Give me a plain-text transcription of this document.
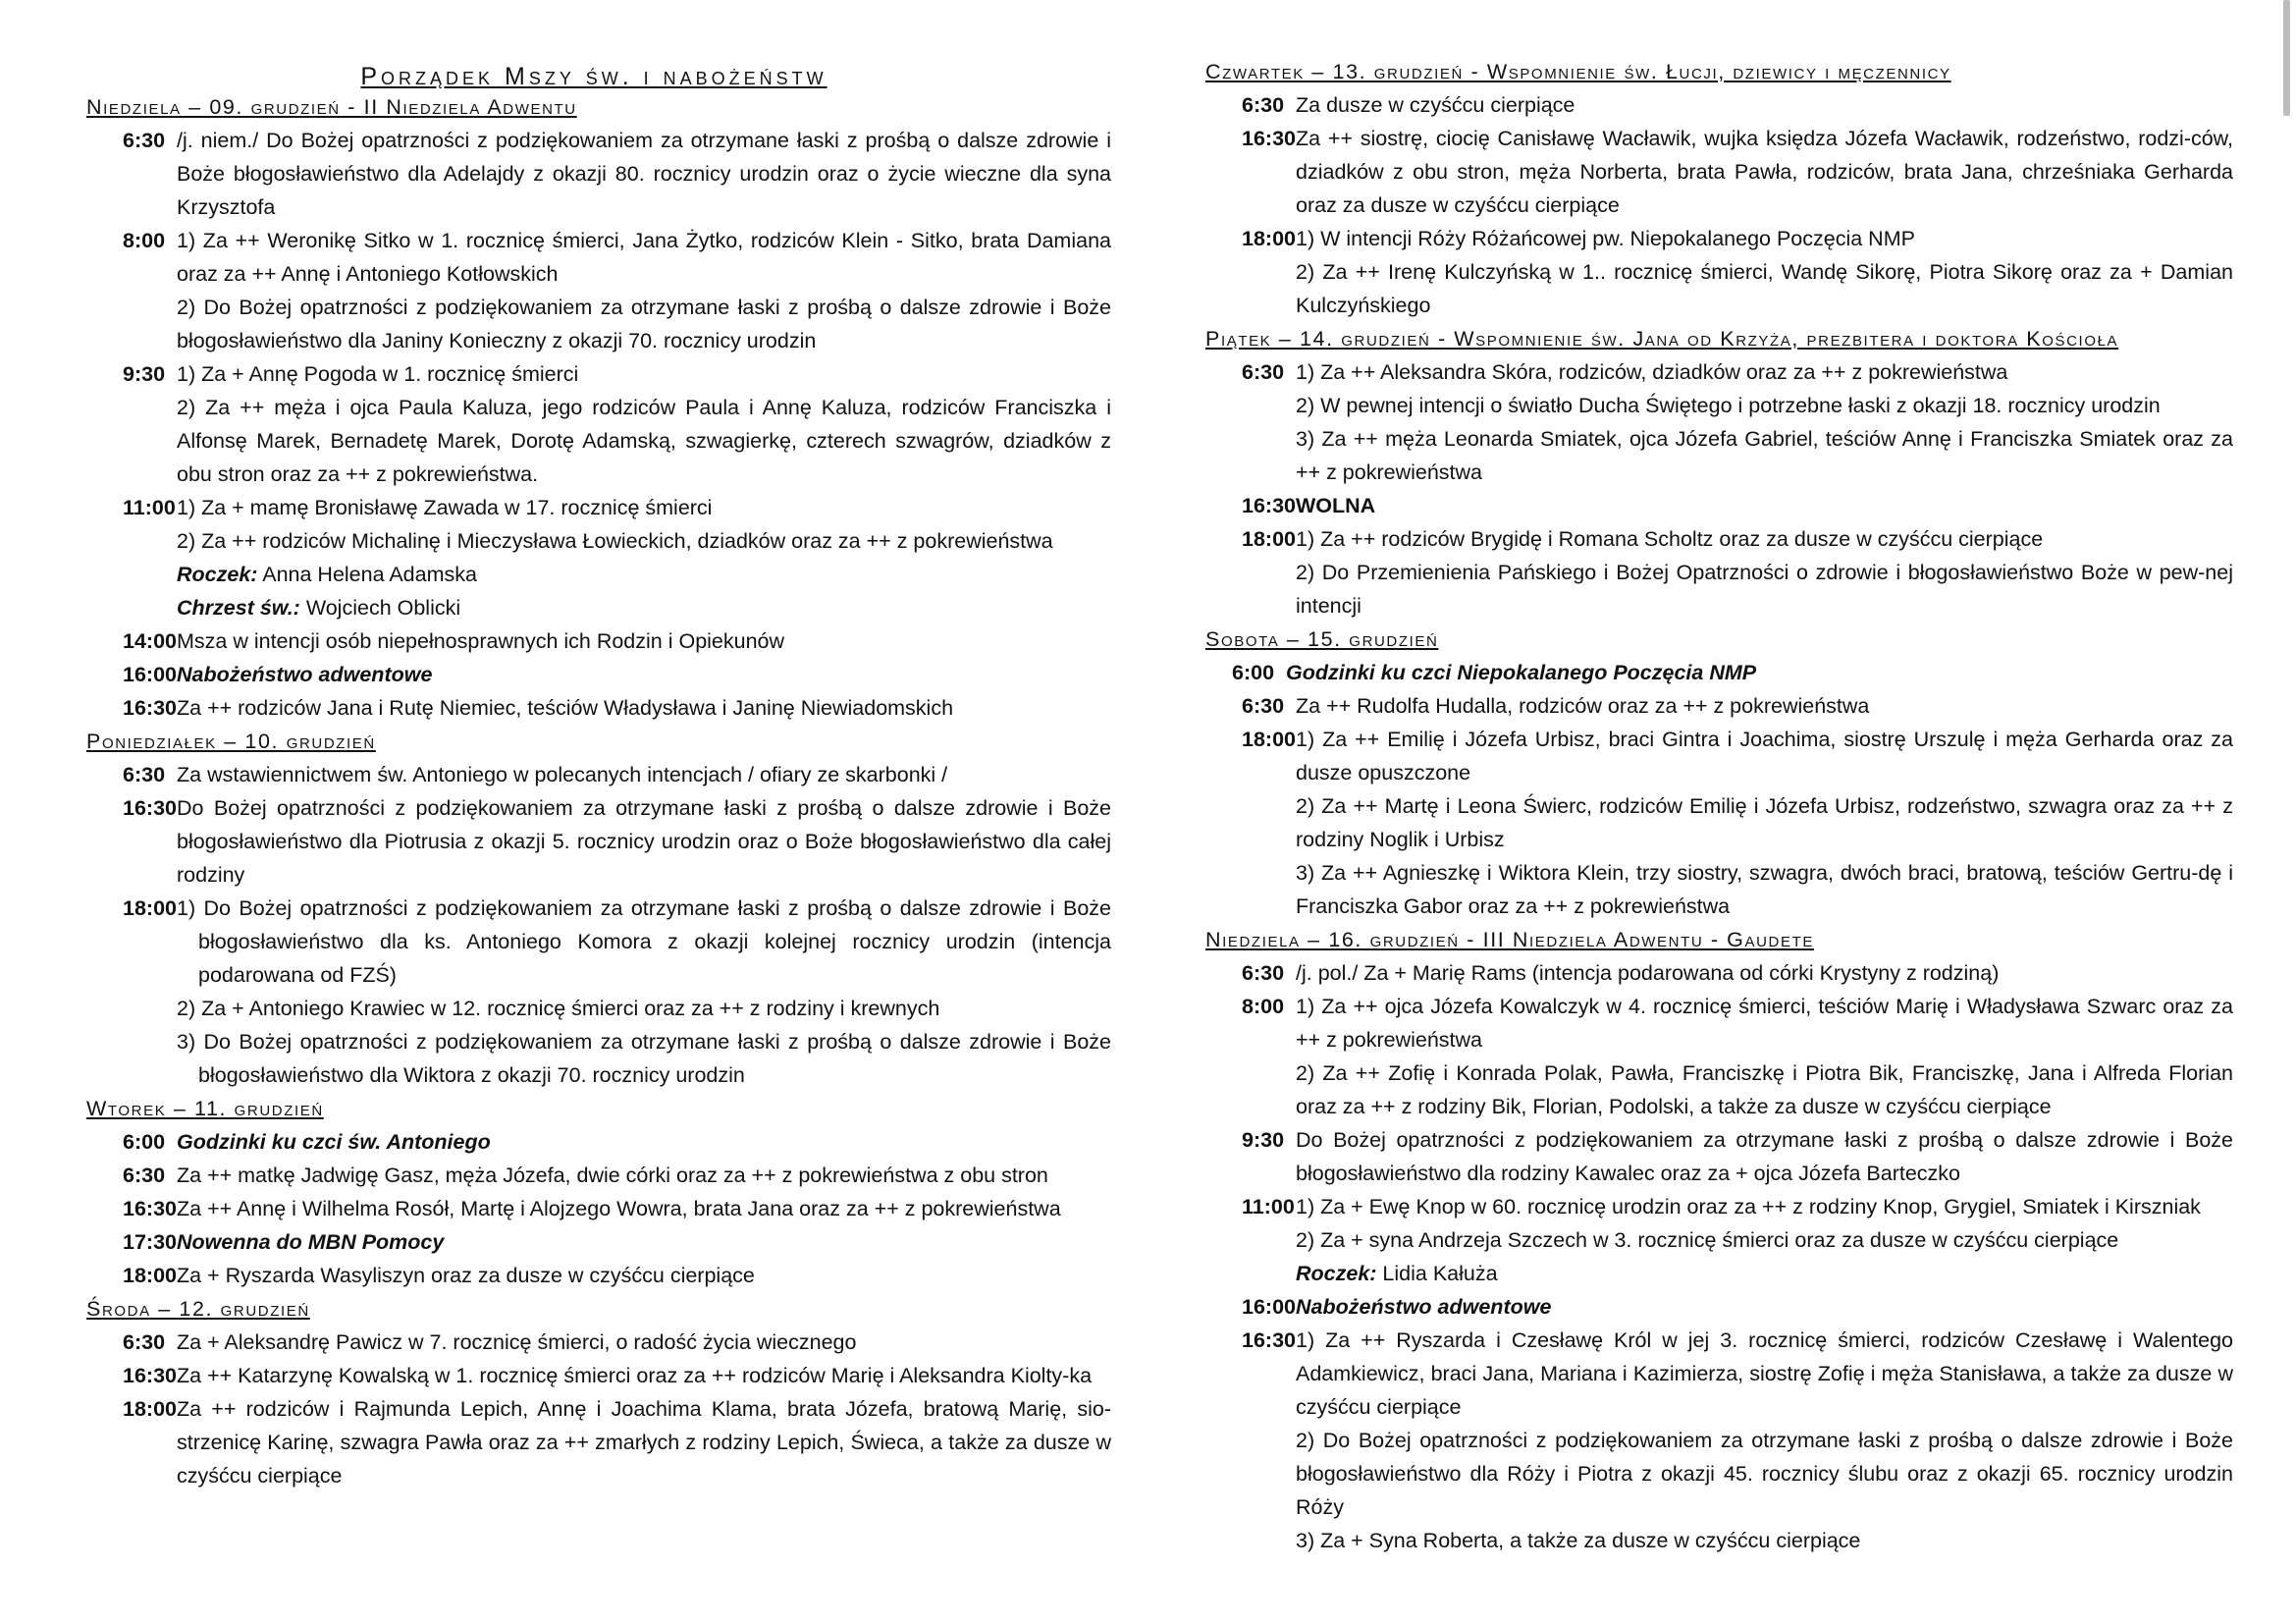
Porządek Mszy św. i nabożeństw
Niedziela – 09. grudzień - II Niedziela Adwentu
6:30 /j. niem./ Do Bożej opatrzności z podziękowaniem za otrzymane łaski z prośbą o dalsze zdrowie i Boże błogosławieństwo dla Adelajdy z okazji 80. rocznicy urodzin oraz o życie wieczne dla syna Krzysztofa
8:00 1) Za ++ Weronikę Sitko w 1. rocznicę śmierci, Jana Żytko, rodziców Klein - Sitko, brata Damiana oraz za ++ Annę i Antoniego Kotłowskich
2) Do Bożej opatrzności z podziękowaniem za otrzymane łaski z prośbą o dalsze zdrowie i Boże błogosławieństwo dla Janiny Konieczny z okazji 70. rocznicy urodzin
9:30 1) Za + Annę Pogoda w 1. rocznicę śmierci
2) Za ++ męża i ojca Paula Kaluza, jego rodziców Paula i Annę Kaluza, rodziców Franciszka i Alfonsę Marek, Bernadetę Marek, Dorotę Adamską, szwagierkę, czterech szwagrów, dziadków z obu stron oraz za ++ z pokrewieństwa.
11:00 1) Za + mamę Bronisławę Zawada w 17. rocznicę śmierci
2) Za ++ rodziców Michalinę i Mieczysława Łowieckich, dziadków oraz za ++ z pokrewieństwa
Roczek: Anna Helena Adamska
Chrzest św.: Wojciech Oblicki
14:00 Msza w intencji osób niepełnosprawnych ich Rodzin i Opiekunów
16:00 Nabożeństwo adwentowe
16:30 Za ++ rodziców Jana i Rutę Niemiec, teściów Władysława i Janinę Niewiadomskich
Poniedziałek – 10. grudzień
6:30 Za wstawiennictwem św. Antoniego w polecanych intencjach / ofiary ze skarbonki /
16:30 Do Bożej opatrzności z podziękowaniem za otrzymane łaski z prośbą o dalsze zdrowie i Boże błogosławieństwo dla Piotrusia z okazji 5. rocznicy urodzin oraz o Boże błogosławieństwo dla całej rodziny
18:00 1) Do Bożej opatrzności z podziękowaniem za otrzymane łaski z prośbą o dalsze zdrowie i Boże błogosławieństwo dla ks. Antoniego Komora z okazji kolejnej rocznicy urodzin (intencja podarowana od FZŚ)
2) Za + Antoniego Krawiec w 12. rocznicę śmierci oraz za ++ z rodziny i krewnych
3) Do Bożej opatrzności z podziękowaniem za otrzymane łaski z prośbą o dalsze zdrowie i Boże błogosławieństwo dla Wiktora z okazji 70. rocznicy urodzin
Wtorek – 11. grudzień
6:00 Godzinki ku czci św. Antoniego
6:30 Za ++ matkę Jadwigę Gasz, męża Józefa, dwie córki oraz za ++ z pokrewieństwa z obu stron
16:30 Za ++ Annę i Wilhelma Rosół, Martę i Alojzego Wowra, brata Jana oraz za ++ z pokrewieństwa
17:30 Nowenna do MBN Pomocy
18:00 Za + Ryszarda Wasyliszyn oraz za dusze w czyśćcu cierpiące
Środa – 12. grudzień
6:30 Za + Aleksandrę Pawicz w 7. rocznicę śmierci, o radość życia wiecznego
16:30 Za ++ Katarzynę Kowalską w 1. rocznicę śmierci oraz za ++ rodziców Marię i Aleksandra Kiolty-ka
18:00 Za ++ rodziców i Rajmunda Lepich, Annę i Joachima Klama, brata Józefa, bratową Marię, sio-strzenicę Karinę, szwagra Pawła oraz za ++ zmarłych z rodziny Lepich, Świeca, a także za dusze w czyśćcu cierpiące
Czwartek – 13. grudzień - Wspomnienie św. Łucji, dziewicy i męczennicy
6:30 Za dusze w czyśćcu cierpiące
16:30 Za ++ siostrę, ciocię Canisławę Wacławik, wujka księdza Józefa Wacławik, rodzeństwo, rodzi-ców, dziadków z obu stron, męża Norberta, brata Pawła, rodziców, brata Jana, chrześniaka Gerharda oraz za dusze w czyśćcu cierpiące
18:00 1) W intencji Róży Różańcowej pw. Niepokalanego Poczęcia NMP
2) Za ++ Irenę Kulczyńską w 1.. rocznicę śmierci, Wandę Sikorę, Piotra Sikorę oraz za + Damian Kulczyńskiego
Piątek – 14. grudzień - Wspomnienie św. Jana od Krzyża, prezbitera i doktora Kościoła
6:30 1) Za ++ Aleksandra Skóra, rodziców, dziadków oraz za ++ z pokrewieństwa
2) W pewnej intencji o światło Ducha Świętego i potrzebne łaski z okazji 18. rocznicy urodzin
3) Za ++ męża Leonarda Smiatek, ojca Józefa Gabriel, teściów Annę i Franciszka Smiatek oraz za ++ z pokrewieństwa
16:30 WOLNA
18:00 1) Za ++ rodziców Brygidę i Romana Scholtz oraz za dusze w czyśćcu cierpiące
2) Do Przemienienia Pańskiego i Bożej Opatrzności o zdrowie i błogosławieństwo Boże w pew-nej intencji
Sobota – 15. grudzień
6:00 Godzinki ku czci Niepokalanego Poczęcia NMP
6:30 Za ++ Rudolfa Hudalla, rodziców oraz za ++ z pokrewieństwa
18:00 1) Za ++ Emilię i Józefa Urbisz, braci Gintra i Joachima, siostrę Urszulę i męża Gerharda oraz za dusze opuszczone
2) Za ++ Martę i Leona Świerc, rodziców Emilię i Józefa Urbisz, rodzeństwo, szwagra oraz za ++ z rodziny Noglik i Urbisz
3) Za ++ Agnieszkę i Wiktora Klein, trzy siostry, szwagra, dwóch braci, bratową, teściów Gertru-dę i Franciszka Gabor oraz za ++ z pokrewieństwa
Niedziela – 16. grudzień - III Niedziela Adwentu - Gaudete
6:30 /j. pol./ Za + Marię Rams (intencja podarowana od córki Krystyny z rodziną)
8:00 1) Za ++ ojca Józefa Kowalczyk w 4. rocznicę śmierci, teściów Marię i Władysława Szwarc oraz za ++ z pokrewieństwa
2) Za ++ Zofię i Konrada Polak, Pawła, Franciszkę i Piotra Bik, Franciszkę, Jana i Alfreda Florian oraz za ++ z rodziny Bik, Florian, Podolski, a także za dusze w czyśćcu cierpiące
9:30 Do Bożej opatrzności z podziękowaniem za otrzymane łaski z prośbą o dalsze zdrowie i Boże błogosławieństwo dla rodziny Kawalec oraz za + ojca Józefa Barteczko
11:00 1) Za + Ewę Knop w 60. rocznicę urodzin oraz za ++ z rodziny Knop, Grygiel, Smiatek i Kirszniak
2) Za + syna Andrzeja Szczech w 3. rocznicę śmierci oraz za dusze w czyśćcu cierpiące
Roczek: Lidia Kałuża
16:00 Nabożeństwo adwentowe
16:30 1) Za ++ Ryszarda i Czesławę Król w jej 3. rocznicę śmierci, rodziców Czesławę i Walentego Adamkiewicz, braci Jana, Mariana i Kazimierza, siostrę Zofię i męża Stanisława, a także za dusze w czyśćcu cierpiące
2) Do Bożej opatrzności z podziękowaniem za otrzymane łaski z prośbą o dalsze zdrowie i Boże błogosławieństwo dla Róży i Piotra z okazji 45. rocznicy ślubu oraz z okazji 65. rocznicy urodzin Róży
3) Za + Syna Roberta, a także za dusze w czyśćcu cierpiące
